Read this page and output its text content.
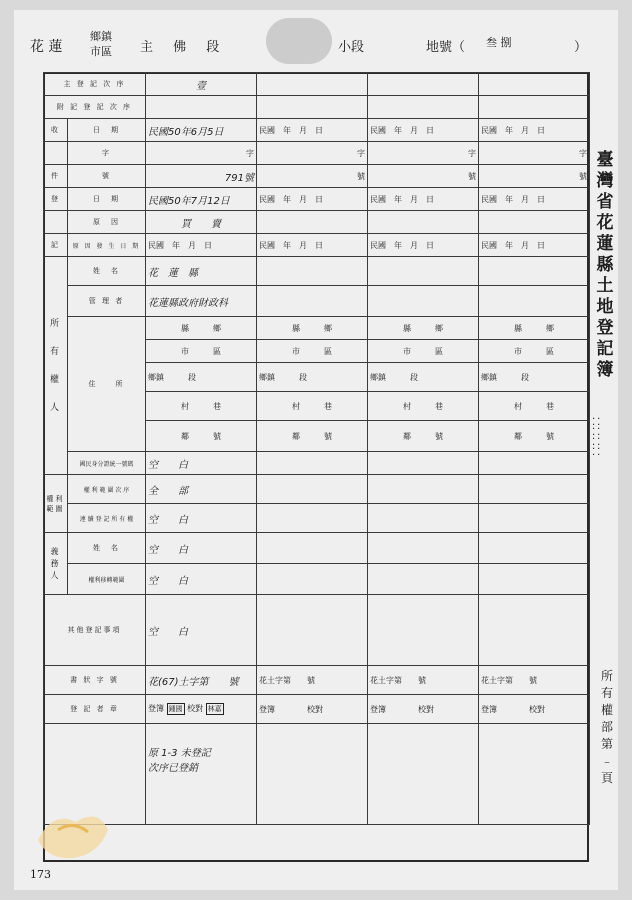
花 蓮
鄉鎮
市區 主 佛 段	小段	地號（ 叁 捌	）
主 登 記 次 序		壹			
附 記 登 記 次 序					
收	日　期	民國50年6月5日	民國　年　月　日	民國　年　月　日	民國　年　月　日
	字	字	字	字	字
件	號	791號	號	號	號
登	日　期	民國50年7月12日	民國　年　月　日	民國　年　月　日	民國　年　月　日
	原　因	買　　賣			
記	原 因 發 生 日 期	民國　年　月　日	民國　年　月　日	民國　年　月　日	民國　年　月　日
所有權人	姓　名	花　蓮　縣			
	管 理 者	花蓮縣政府財政科			
	住　　所	縣　　　 鄉	縣　　　 鄉	縣　　　 鄉	縣　　　 鄉
		市　　　 區	市　　　 區	市　　　 區	市　　　 區
		鄉鎮　　　 段	鄉鎮　　　 段	鄉鎮　　　 段	鄉鎮　　　 段
		村　　　 巷	村　　　 巷	村　　　 巷	村　　　 巷
		鄰　　　 號	鄰　　　 號	鄰　　　 號	鄰　　　 號
	國民身分證統一號碼	空　　白			
權利範圍	權 利 範 圍 次 序	全　　部			
	連 續 登 記 所 有 權	空　　白			
義務人	姓　名	空　　白			
	權利移轉範圍	空　　白			
其他登記事項		空　　白			
書 狀 字 號		花(67)土字第　　號	花土字第　　號	花土字第　　號	花土字第　　號
登 記 者 章		登簿 鍾國 校對 林嘉	登簿　　　　 校對	登簿　　　　 校對	登簿　　　　 校對

		原 1-3 未登記
次序已登銷			

臺灣省花蓮縣土地登記簿
⁚⁚
⁚⁚
⁚⁚
⁚⁚
所有權部第 ﹣ 頁
173
